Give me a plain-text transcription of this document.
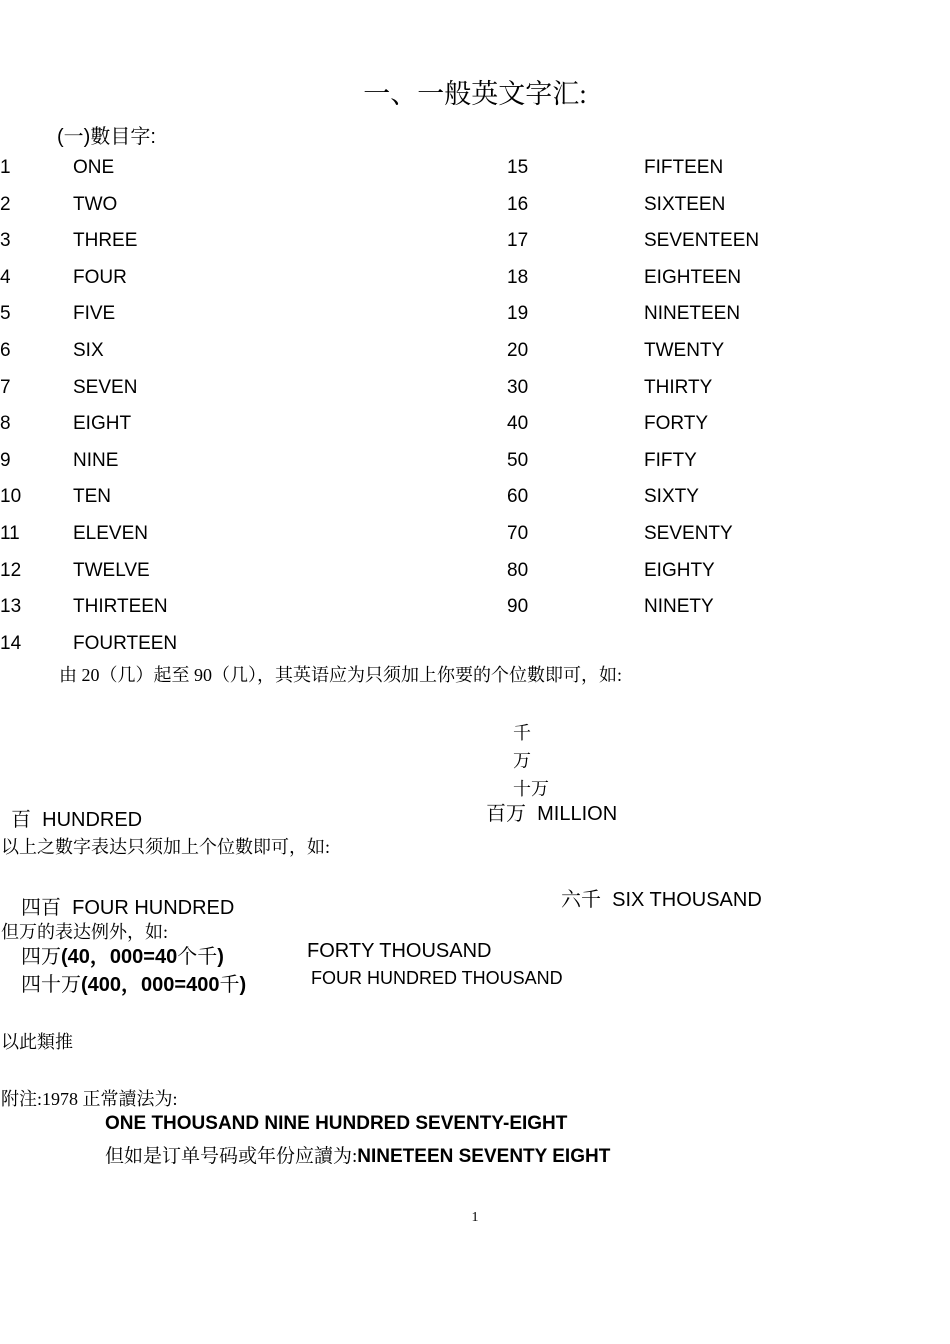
一、一般英文字汇:
(一)數目字:
1	ONE
2	TWO
3	THREE
4	FOUR
5	FIVE
6	SIX
7	SEVEN
8	EIGHT
9	NINE
10	TEN
11	ELEVEN
12	TWELVE
13	THIRTEEN
14	FOURTEEN
15	FIFTEEN
16	SIXTEEN
17	SEVENTEEN
18	EIGHTEEN
19	NINETEEN
20	TWENTY
30	THIRTY
40	FORTY
50	FIFTY
60	SIXTY
70	SEVENTY
80	EIGHTY
90	NINETY
由 20（几）起至 90（几），其英语应为只须加上你要的个位數即可，如:
千
万
十万
百万 MILLION
百 HUNDRED
以上之數字表达只须加上个位數即可，如:
六千 SIX THOUSAND
四百 FOUR HUNDRED
但万的表达例外，如:
四万(40，000=40个千)	FORTY THOUSAND
四十万(400，000=400千)	FOUR HUNDRED THOUSAND
以此類推
附注:1978 正常讀法为:
ONE THOUSAND NINE HUNDRED SEVENTY-EIGHT
但如是订单号码或年份应讀为:NINETEEN SEVENTY EIGHT
1
